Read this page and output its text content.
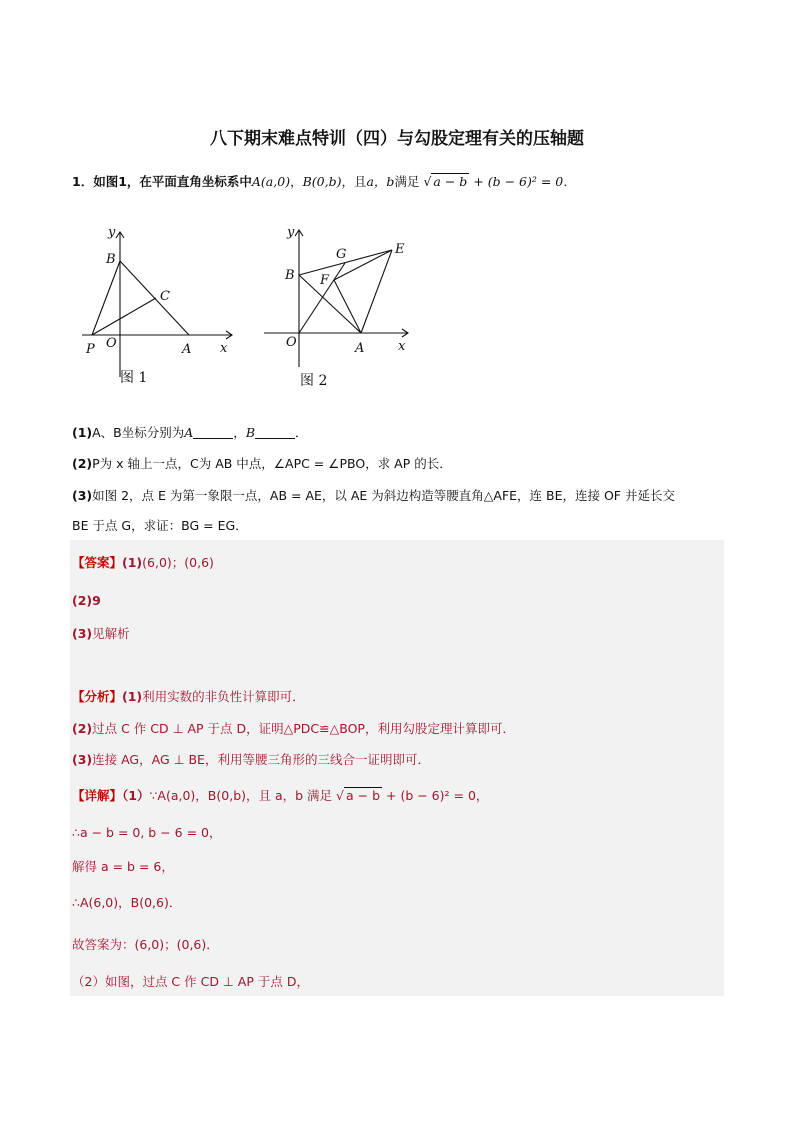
八下期末难点特训（四）与勾股定理有关的压轴题
1．如图1，在平面直角坐标系中A(a,0)，B(0,b)，且a，b满足 √ a − b + (b − 6)² = 0．
y
x
B
C
P O	A
图 1
y
x
B
G	E
F
O	A
图 2
(1)A、B坐标分别为A	，B	．
(2)P为 x 轴上一点，C为 AB 中点，∠APC = ∠PBO，求 AP 的长．
(3)如图 2，点 E 为第一象限一点，AB = AE，以 AE 为斜边构造等腰直角△AFE，连 BE，连接 OF 并延长交
BE 于点 G，求证：BG = EG．
【答案】(1)(6,0)；(0,6)
(2)9
(3)见解析
【分析】(1)利用实数的非负性计算即可．
(2)过点 C 作 CD ⊥ AP 于点 D，证明△PDC≌△BOP，利用勾股定理计算即可．
(3)连接 AG，AG ⊥ BE，利用等腰三角形的三线合一证明即可．
【详解】（1）∵A(a,0)，B(0,b)，且 a，b 满足 √ a − b + (b − 6)² = 0，
∴a − b = 0, b − 6 = 0，
解得 a = b = 6，
∴A(6,0)，B(0,6)．
故答案为：(6,0)；(0,6)．
（2）如图，过点 C 作 CD ⊥ AP 于点 D，
